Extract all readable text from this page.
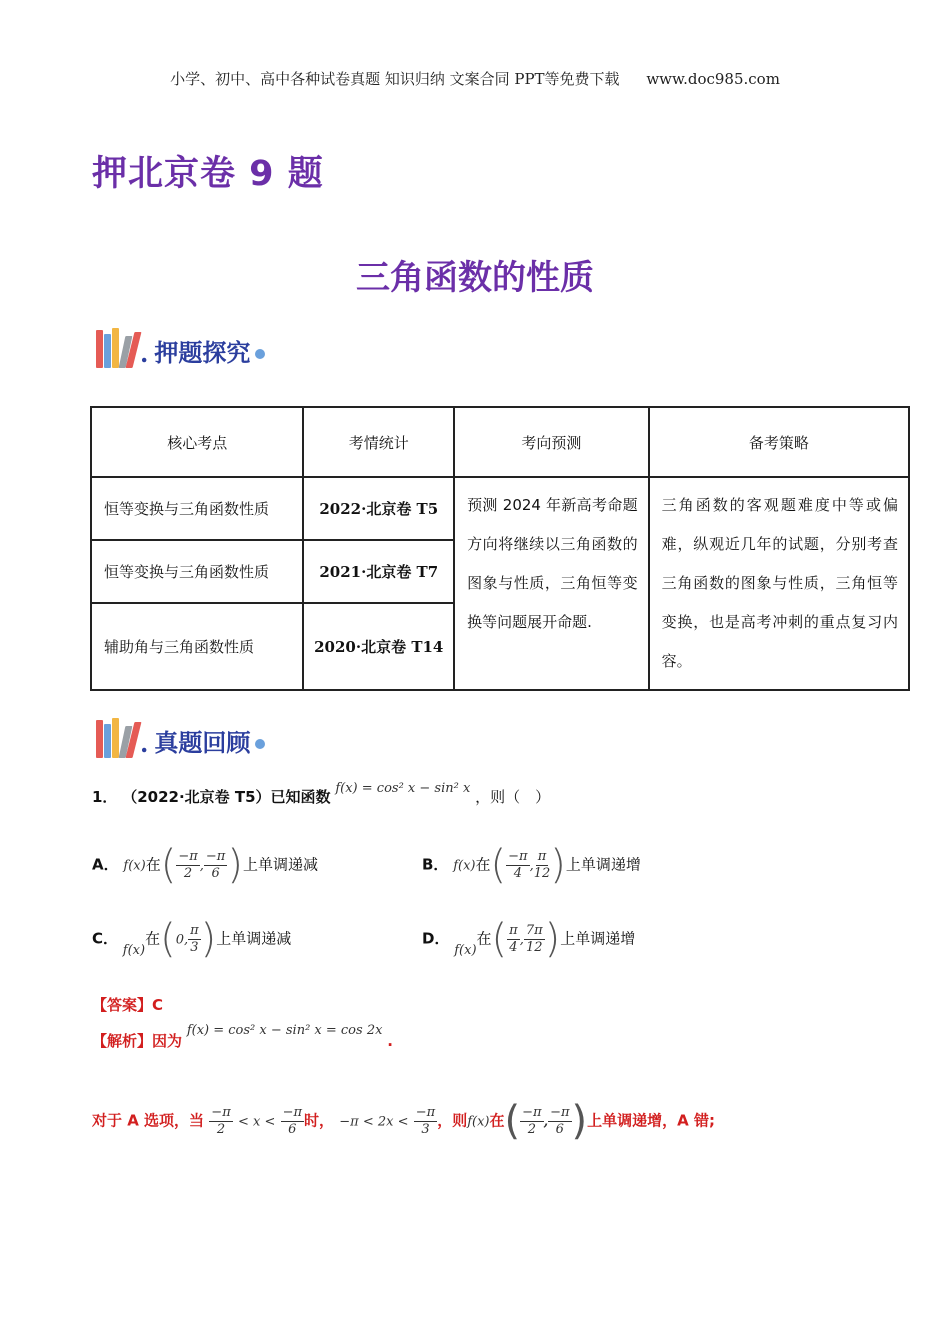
小学、初中、高中各种试卷真题 知识归纳 文案合同 PPT等免费下载 www.doc985.com
押北京卷 9 题
三角函数的性质
. 押题探究
核心考点	考情统计	考向预测	备考策略
恒等变换与三角函数性质	2022·北京卷 T5	预测 2024 年新高考命题方向将继续以三角函数的图象与性质，三角恒等变换等问题展开命题.	三角函数的客观题难度中等或偏难，纵观近几年的试题，分别考查三角函数的图象与性质，三角恒等变换，也是高考冲刺的重点复习内容。
恒等变换与三角函数性质	2021·北京卷 T7		
辅助角与三角函数性质	2020·北京卷 T14		
. 真题回顾
1． （2022·北京卷 T5）已知函数 f(x) = cos² x − sin² x ，则（　）
A． f(x)在( $\frac{-\pi}{2}$ , $\frac{-\pi}{6}$ )上单调递减	B． f(x)在( $\frac{-\pi}{4}$ , $\frac{\pi}{12}$ )上单调递增
C． f(x)在(0, $\frac{\pi}{3}$ )上单调递减	D． f(x)在( $\frac{\pi}{4}$ , $\frac{7\pi}{12}$ )上单调递增
【答案】C
【解析】因为 f(x) = cos² x − sin² x = cos 2x .
对于 A 选项，当 $\frac{-\pi}{2} < x < \frac{-\pi}{6}$ 时， $-\pi < 2x < \frac{-\pi}{3}$ ，则f(x)在( $\frac{-\pi}{2}$ , $\frac{-\pi}{6}$ )上单调递增，A 错;
